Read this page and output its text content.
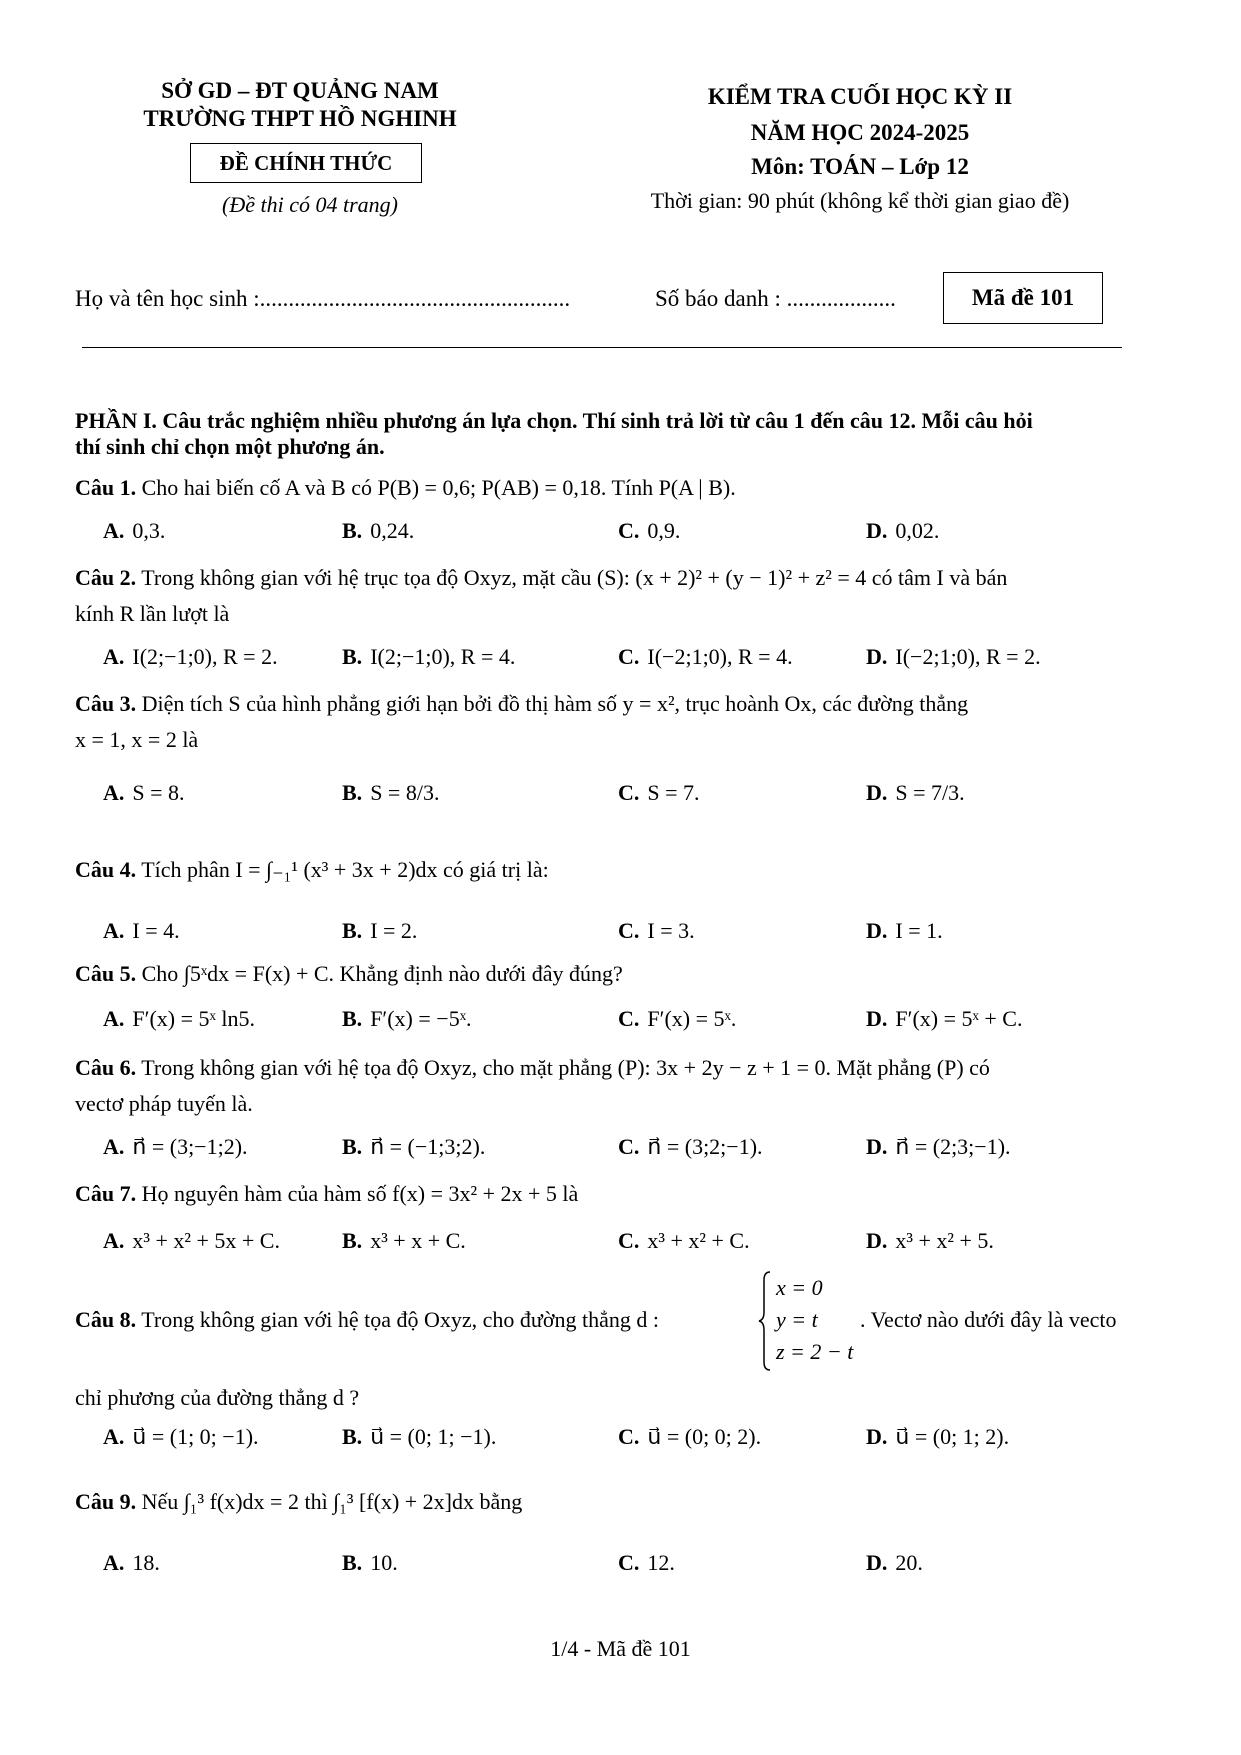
SỞ GD – ĐT QUẢNG NAM
TRƯỜNG THPT HỒ NGHINH
ĐỀ CHÍNH THỨC
(Đề thi có 04 trang)
KIỂM TRA CUỐI HỌC KỲ II
NĂM HỌC 2024-2025
Môn: TOÁN – Lớp 12
Thời gian: 90 phút (không kể thời gian giao đề)
Họ và tên học sinh :......................................................	Số báo danh : ...................	Mã đề 101
PHẦN I. Câu trắc nghiệm nhiều phương án lựa chọn. Thí sinh trả lời từ câu 1 đến câu 12. Mỗi câu hỏi
thí sinh chỉ chọn một phương án.
Câu 1. Cho hai biến cố A và B có P(B) = 0,6; P(AB) = 0,18. Tính P(A | B).
A. 0,3.	B. 0,24.	C. 0,9.	D. 0,02.
Câu 2. Trong không gian với hệ trục tọa độ Oxyz, mặt cầu (S): (x + 2)² + (y − 1)² + z² = 4 có tâm I và bán
kính R lần lượt là
A. I(2;−1;0), R = 2.	B. I(2;−1;0), R = 4.	C. I(−2;1;0), R = 4.	D. I(−2;1;0), R = 2.
Câu 3. Diện tích S của hình phẳng giới hạn bởi đồ thị hàm số y = x², trục hoành Ox, các đường thẳng
x = 1, x = 2 là
A. S = 8.	B. S = 8/3.	C. S = 7.	D. S = 7/3.
Câu 4. Tích phân I = ∫₋₁¹ (x³ + 3x + 2)dx có giá trị là:
A. I = 4.	B. I = 2.	C. I = 3.	D. I = 1.
Câu 5. Cho ∫5ˣdx = F(x) + C. Khẳng định nào dưới đây đúng?
A. F′(x) = 5ˣ ln5.	B. F′(x) = −5ˣ.	C. F′(x) = 5ˣ.	D. F′(x) = 5ˣ + C.
Câu 6. Trong không gian với hệ tọa độ Oxyz, cho mặt phẳng (P): 3x + 2y − z + 1 = 0. Mặt phẳng (P) có
vectơ pháp tuyến là.
A. n⃗ = (3;−1;2).	B. n⃗ = (−1;3;2).	C. n⃗ = (3;2;−1).	D. n⃗ = (2;3;−1).
Câu 7. Họ nguyên hàm của hàm số f(x) = 3x² + 2x + 5 là
A. x³ + x² + 5x + C.	B. x³ + x + C.	C. x³ + x² + C.	D. x³ + x² + 5.
Câu 8. Trong không gian với hệ tọa độ Oxyz, cho đường thẳng d :
x = 0
y = t
z = 2 − t
. Vectơ nào dưới đây là vecto
chỉ phương của đường thẳng d ?
A. u⃗ = (1; 0; −1).	B. u⃗ = (0; 1; −1).	C. u⃗ = (0; 0; 2).	D. u⃗ = (0; 1; 2).
Câu 9. Nếu ∫₁³ f(x)dx = 2 thì ∫₁³ [f(x) + 2x]dx bằng
A. 18.	B. 10.	C. 12.	D. 20.
1/4 - Mã đề 101
